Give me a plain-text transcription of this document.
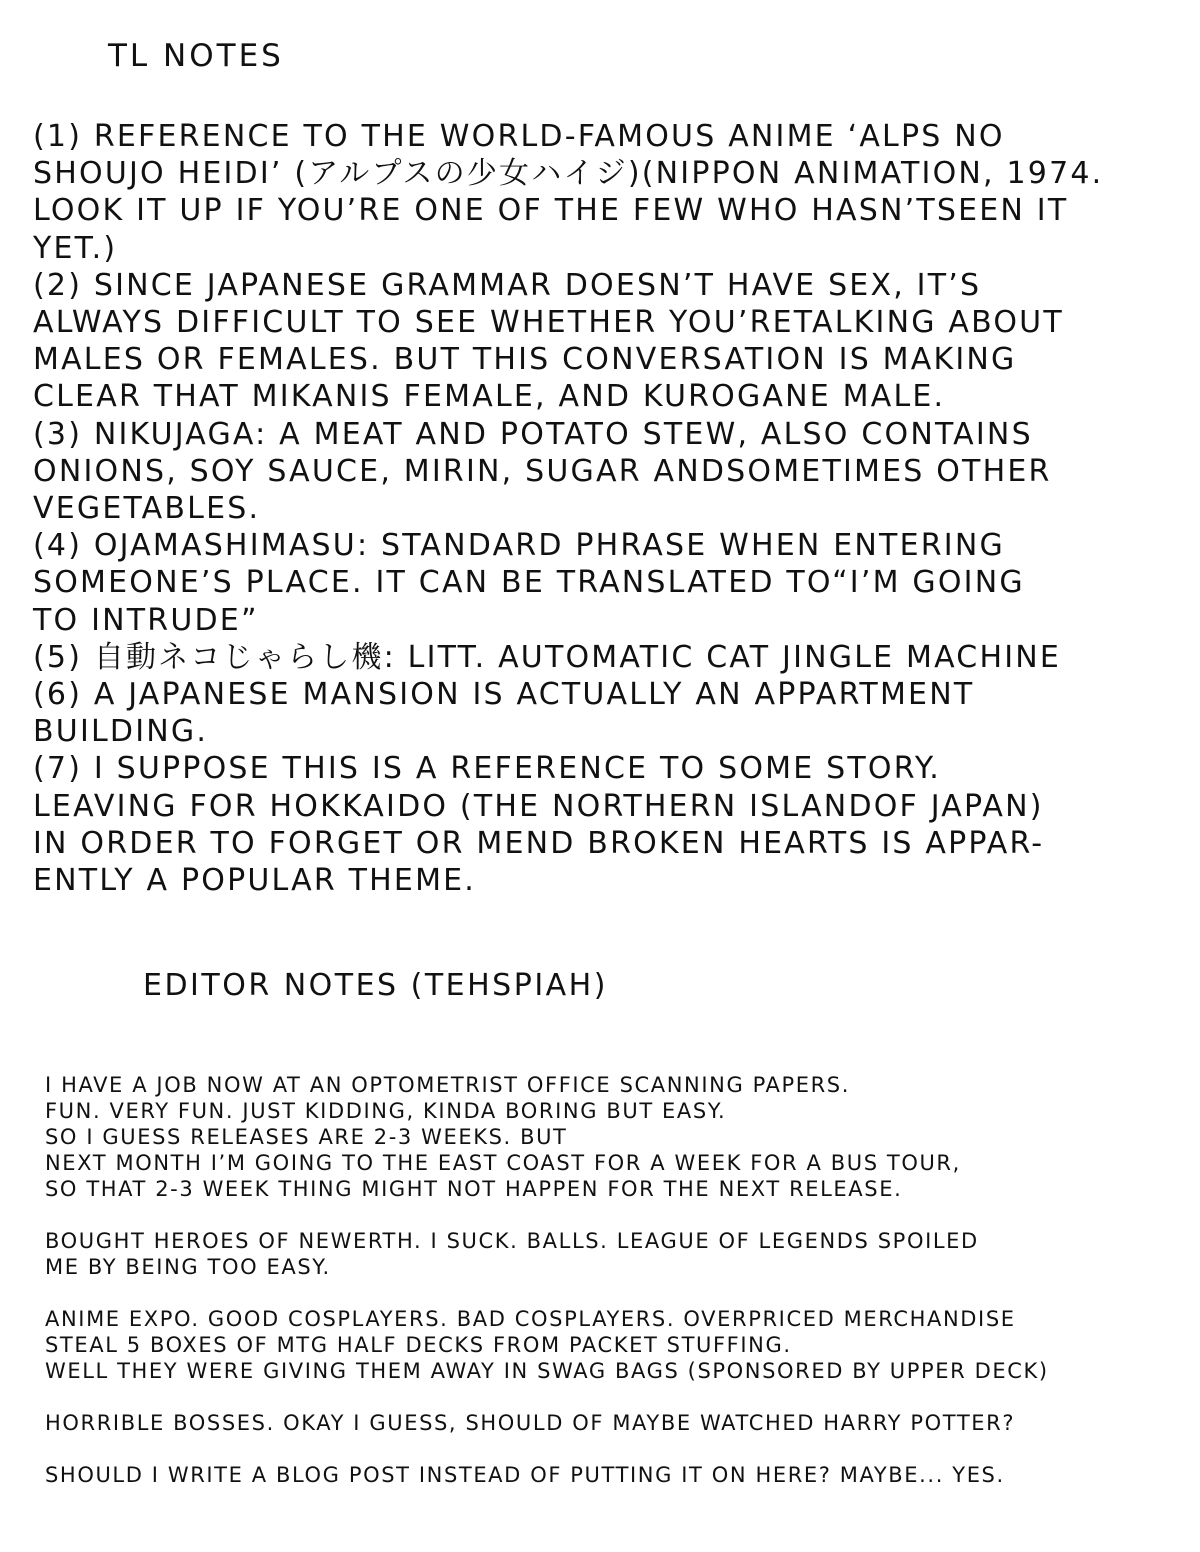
TL NOTES
(1) REFERENCE TO THE WORLD-FAMOUS ANIME ‘ALPS NO
SHOUJO HEIDI’ (アルプスの少女ハイジ)(NIPPON ANIMATION, 1974.
LOOK IT UP IF YOU’RE ONE OF THE FEW WHO HASN’TSEEN IT
YET.)
(2) SINCE JAPANESE GRAMMAR DOESN’T HAVE SEX, IT’S
ALWAYS DIFFICULT TO SEE WHETHER YOU’RETALKING ABOUT
MALES OR FEMALES. BUT THIS CONVERSATION IS MAKING
CLEAR THAT MIKANIS FEMALE, AND KUROGANE MALE.
(3) NIKUJAGA: A MEAT AND POTATO STEW, ALSO CONTAINS
ONIONS, SOY SAUCE, MIRIN, SUGAR ANDSOMETIMES OTHER
VEGETABLES.
(4) OJAMASHIMASU: STANDARD PHRASE WHEN ENTERING
SOMEONE’S PLACE. IT CAN BE TRANSLATED TO“I’M GOING
TO INTRUDE”
(5) 自動ネコじゃらし機: LITT. AUTOMATIC CAT JINGLE MACHINE
(6) A JAPANESE MANSION IS ACTUALLY AN APPARTMENT
BUILDING.
(7) I SUPPOSE THIS IS A REFERENCE TO SOME STORY.
LEAVING FOR HOKKAIDO (THE NORTHERN ISLANDOF JAPAN)
IN ORDER TO FORGET OR MEND BROKEN HEARTS IS APPAR-
ENTLY A POPULAR THEME.
EDITOR NOTES (TEHSPIAH)
I HAVE A JOB NOW AT AN OPTOMETRIST OFFICE SCANNING PAPERS.
FUN. VERY FUN. JUST KIDDING, KINDA BORING BUT EASY.
SO I GUESS RELEASES ARE 2-3 WEEKS. BUT
NEXT MONTH I’M GOING TO THE EAST COAST FOR A WEEK FOR A BUS TOUR,
SO THAT 2-3 WEEK THING MIGHT NOT HAPPEN FOR THE NEXT RELEASE.
BOUGHT HEROES OF NEWERTH. I SUCK. BALLS. LEAGUE OF LEGENDS SPOILED
ME BY BEING TOO EASY.
ANIME EXPO. GOOD COSPLAYERS. BAD COSPLAYERS. OVERPRICED MERCHANDISE
STEAL 5 BOXES OF MTG HALF DECKS FROM PACKET STUFFING.
WELL THEY WERE GIVING THEM AWAY IN SWAG BAGS (SPONSORED BY UPPER DECK)
HORRIBLE BOSSES. OKAY I GUESS, SHOULD OF MAYBE WATCHED HARRY POTTER?
SHOULD I WRITE A BLOG POST INSTEAD OF PUTTING IT ON HERE? MAYBE... YES.
